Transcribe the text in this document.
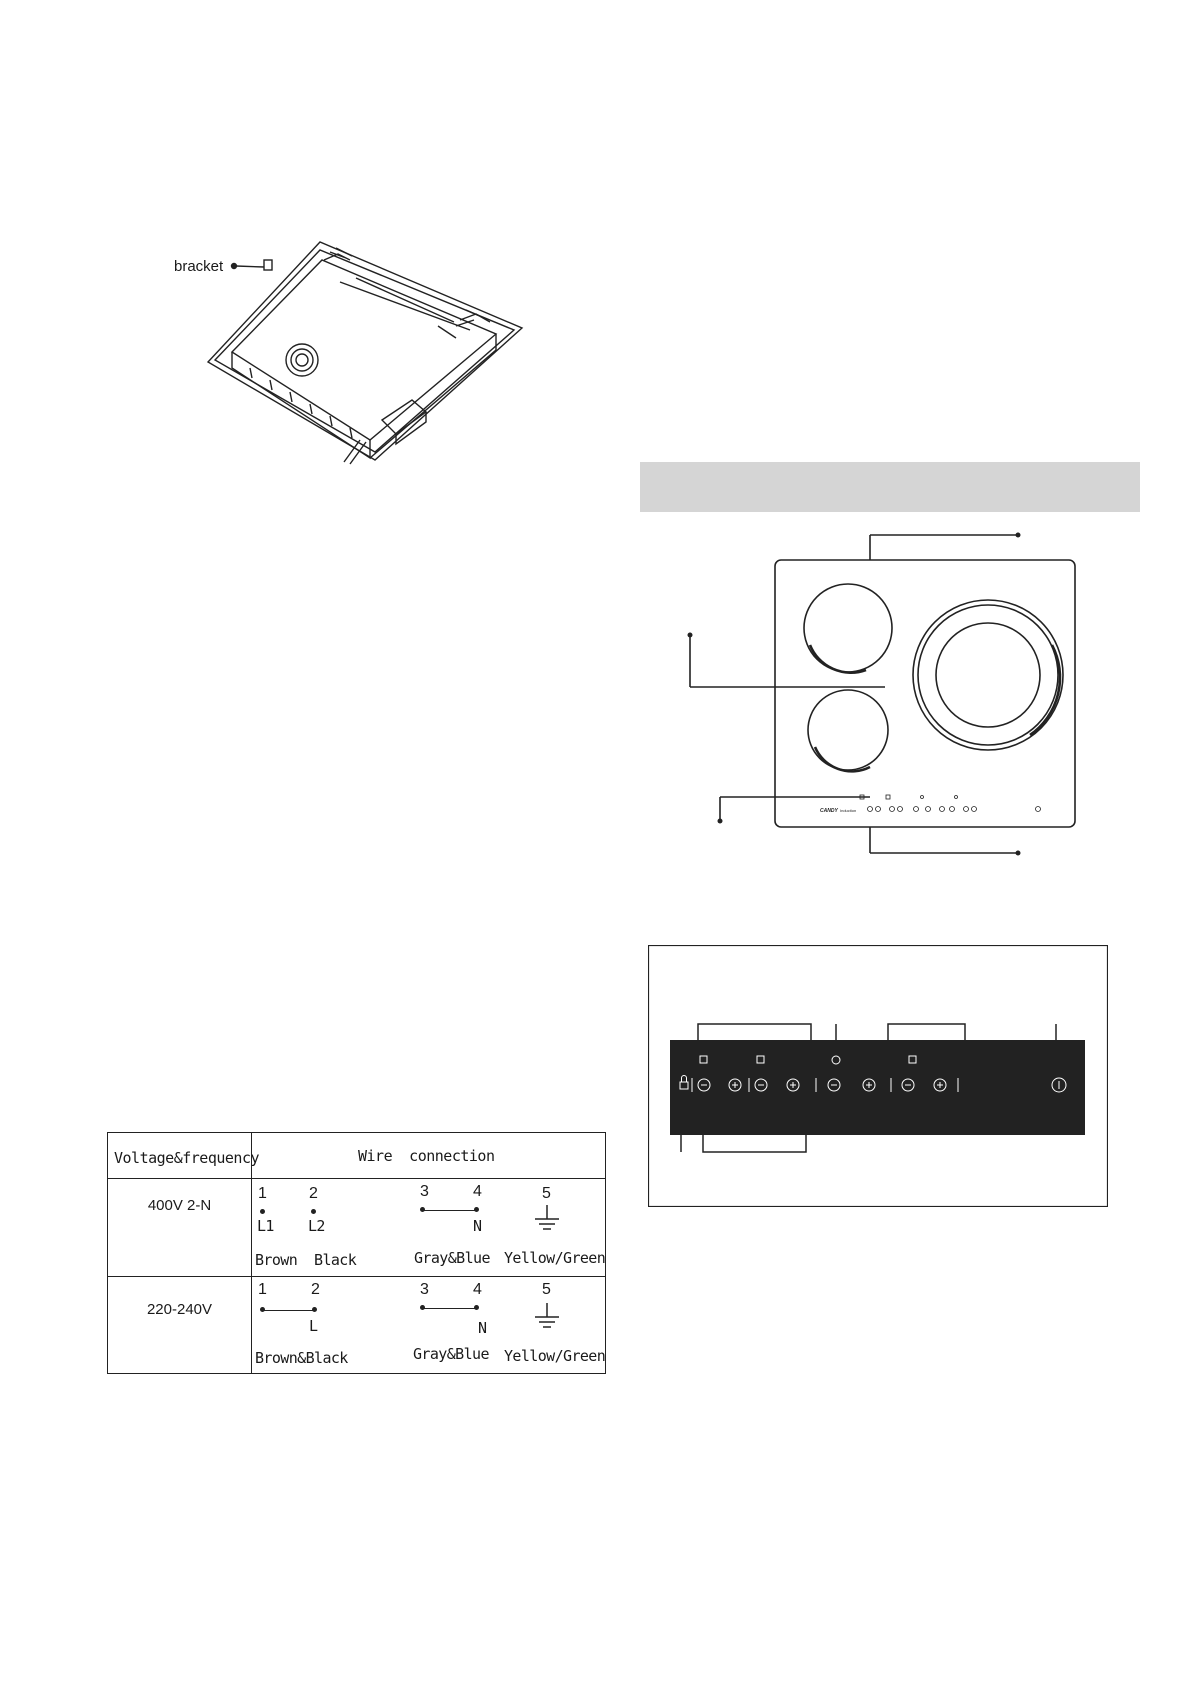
bracket
CANDY Induction
Voltage&frequency	Wire  connection
400V 2-N
1	2	3	4	5
L1 L2	N
Brown  Black	Gray&Blue Yellow/Green
220-240V
1	2	3	4	5
L	N
Brown&Black	Gray&Blue Yellow/Green
